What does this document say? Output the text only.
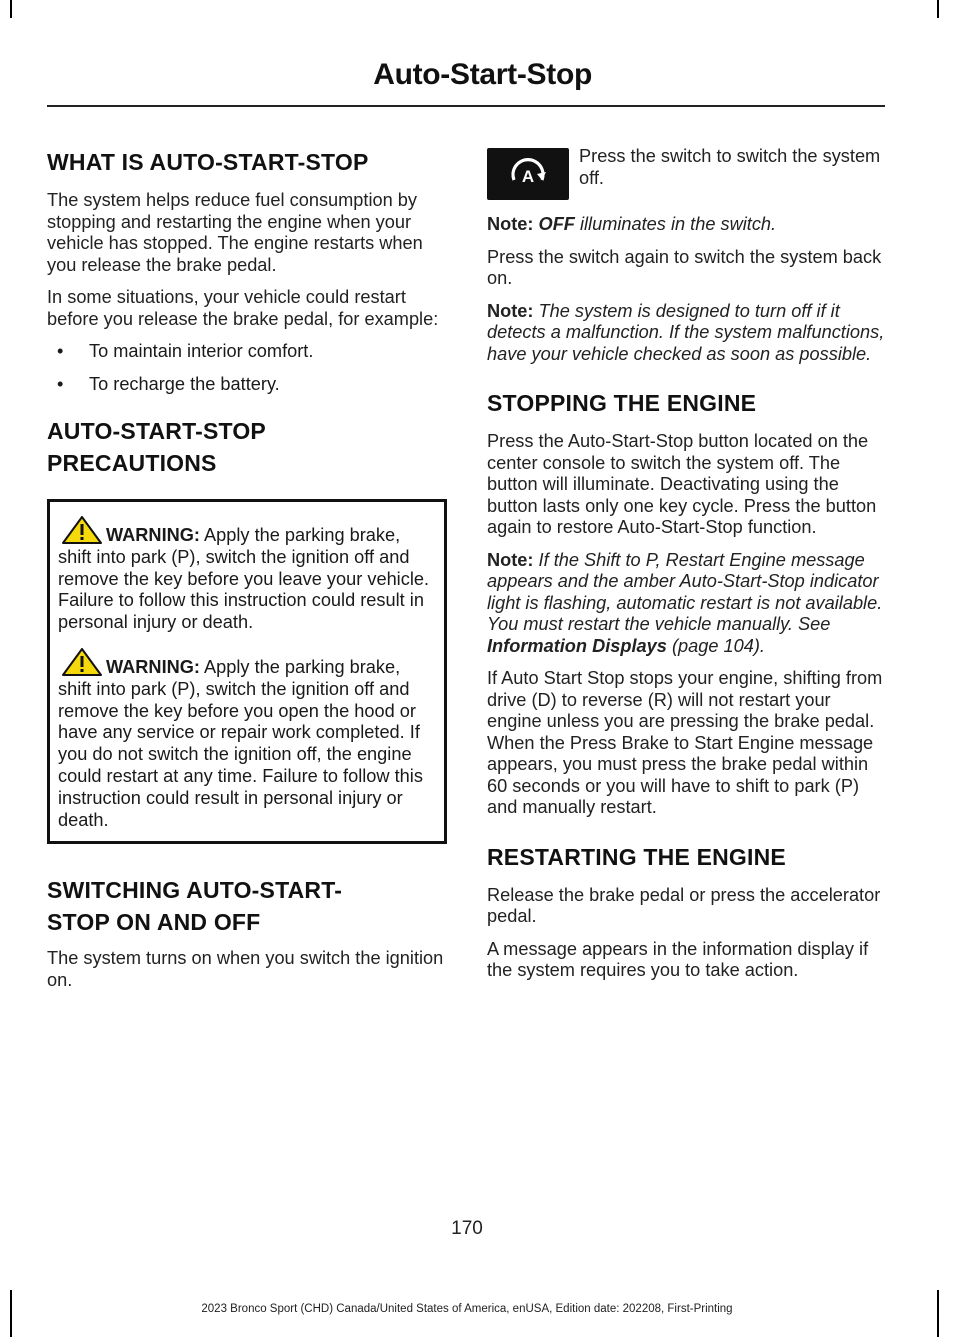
Auto-Start-Stop
WHAT IS AUTO-START-STOP

The system helps reduce fuel consumption by stopping and restarting the engine when your vehicle has stopped. The engine restarts when you release the brake pedal.

In some situations, your vehicle could restart before you release the brake pedal, for example:

•	To maintain interior comfort.
•	To recharge the battery.
AUTO-START-STOP
PRECAUTIONS
WARNING: Apply the parking brake, shift into park (P), switch the ignition off and remove the key before you leave your vehicle. Failure to follow this instruction could result in personal injury or death.
WARNING: Apply the parking brake, shift into park (P), switch the ignition off and remove the key before you open the hood or have any service or repair work completed. If you do not switch the ignition off, the engine could restart at any time. Failure to follow this instruction could result in personal injury or death.
SWITCHING AUTO-START-
STOP ON AND OFF

The system turns on when you switch the ignition on.

A

Press the switch to switch the system off.

Note: OFF illuminates in the switch.

Press the switch again to switch the system back on.

Note: The system is designed to turn off if it detects a malfunction. If the system malfunctions, have your vehicle checked as soon as possible.

STOPPING THE ENGINE

Press the Auto-Start-Stop button located on the center console to switch the system off. The button will illuminate. Deactivating using the button lasts only one key cycle. Press the button again to restore Auto-Start-Stop function.

Note: If the Shift to P, Restart Engine message appears and the amber Auto-Start-Stop indicator light is flashing, automatic restart is not available. You must restart the vehicle manually. See Information Displays (page 104).

If Auto Start Stop stops your engine, shifting from drive (D) to reverse (R) will not restart your engine unless you are pressing the brake pedal. When the Press Brake to Start Engine message appears, you must press the brake pedal within 60 seconds or you will have to shift to park (P) and manually restart.

RESTARTING THE ENGINE

Release the brake pedal or press the accelerator pedal.

A message appears in the information display if the system requires you to take action.

170
2023 Bronco Sport (CHD) Canada/United States of America, enUSA, Edition date: 202208, First-Printing
